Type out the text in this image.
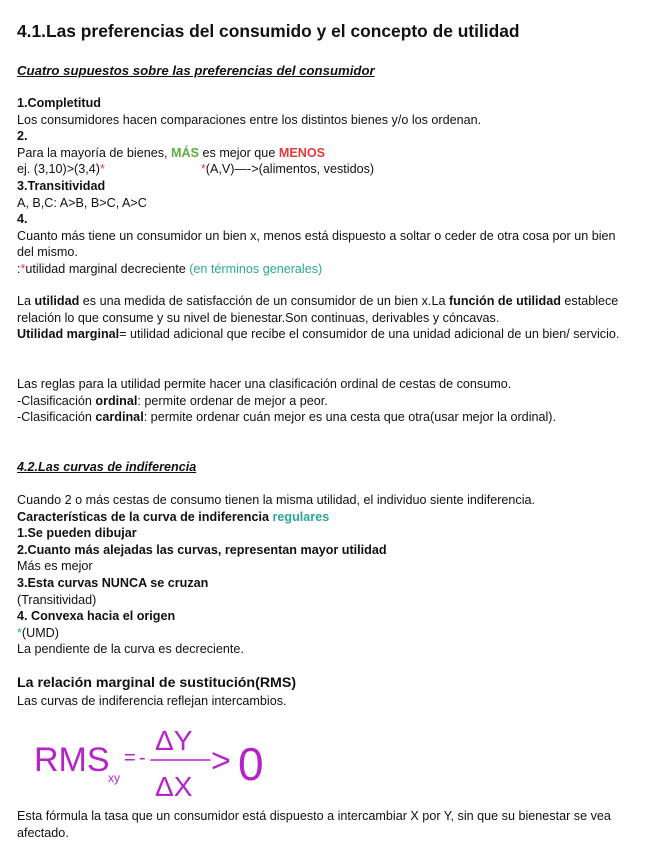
4.1.Las preferencias del consumido y el concepto de utilidad
Cuatro supuestos sobre las preferencias del consumidor
1.Completitud
Los consumidores hacen comparaciones entre los distintos bienes y/o los ordenan.
2.
Para la mayoría de bienes, MÁS es mejor que MENOS
ej. (3,10)>(3,4)*	*(A,V)—->(alimentos, vestidos)
3.Transitividad
A, B,C: A>B, B>C, A>C
4.
Cuanto más tiene un consumidor un bien x, menos está dispuesto a soltar o ceder de otra cosa por un bien del mismo.
:*utilidad marginal decreciente (en términos generales)
La utilidad es una medida de satisfacción de un consumidor de un bien x.La función de utilidad establece relación lo que consume y su nivel de bienestar.Son continuas, derivables y cóncavas.
Utilidad marginal= utilidad adicional que recibe el consumidor de una unidad adicional de un bien/ servicio.
Las reglas para la utilidad permite hacer una clasificación ordinal de cestas de consumo.
-Clasificación ordinal: permite ordenar de mejor a peor.
-Clasificación cardinal: permite ordenar cuán mejor es una cesta que otra(usar mejor la ordinal).
4.2.Las curvas de indiferencia
Cuando 2 o más cestas de consumo tienen la misma utilidad, el individuo siente indiferencia.
Características de la curva de indiferencia regulares
1.Se pueden dibujar
2.Cuanto más alejadas las curvas, representan mayor utilidad
Más es mejor
3.Esta curvas NUNCA se cruzan
(Transitividad)
4. Convexa hacia el origen
*(UMD)
La pendiente de la curva es decreciente.
La relación marginal de sustitución(RMS)
Las curvas de indiferencia reflejan intercambios.
RMS
xy
= -
ΔY
ΔX
> 0
Esta fórmula la tasa que un consumidor está dispuesto a intercambiar X por Y, sin que su bienestar se vea afectado.
